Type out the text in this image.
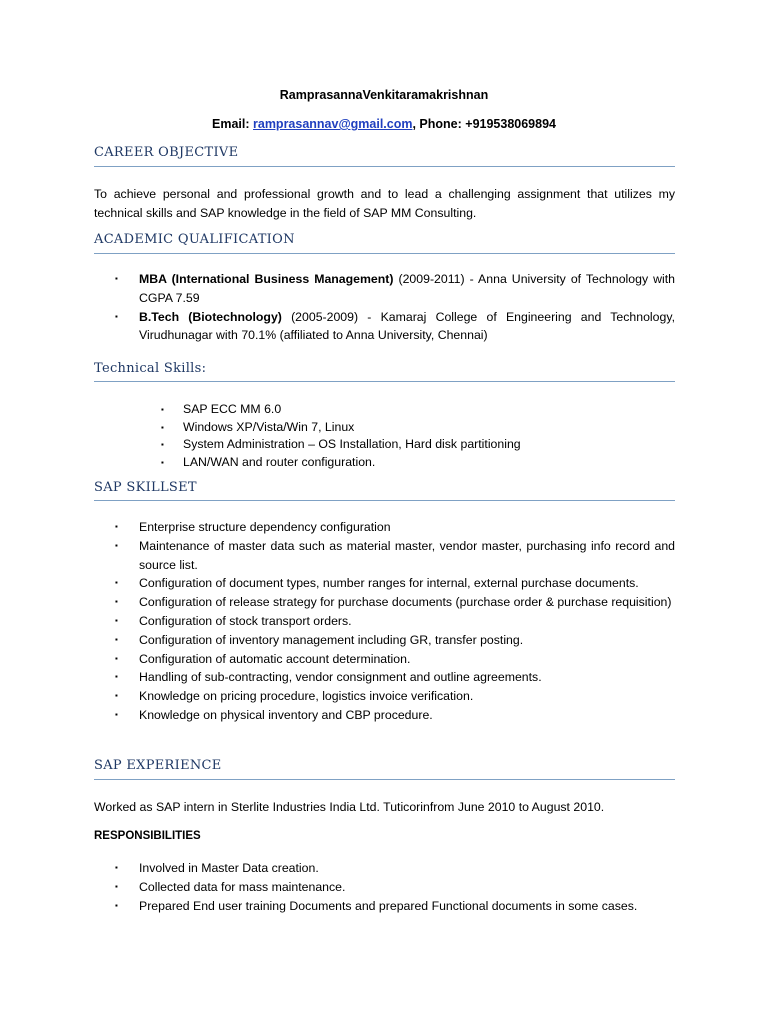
RamprasannaVenkitaramakrishnan
Email: ramprasannav@gmail.com, Phone: +919538069894
CAREER OBJECTIVE
To achieve personal and professional growth and to lead a challenging assignment that utilizes my technical skills and SAP knowledge in the field of SAP MM Consulting.
ACADEMIC QUALIFICATION
▪ MBA (International Business Management) (2009-2011) - Anna University of Technology with CGPA 7.59
▪ B.Tech (Biotechnology) (2005-2009) - Kamaraj College of Engineering and Technology, Virudhunagar with 70.1% (affiliated to Anna University, Chennai)
Technical Skills:
▪ SAP ECC MM 6.0
▪ Windows XP/Vista/Win 7, Linux
▪ System Administration – OS Installation, Hard disk partitioning
▪ LAN/WAN and router configuration.
SAP SKILLSET
▪ Enterprise structure dependency configuration
▪ Maintenance of master data such as material master, vendor master, purchasing info record and source list.
▪ Configuration of document types, number ranges for internal, external purchase documents.
▪ Configuration of release strategy for purchase documents (purchase order & purchase requisition)
▪ Configuration of stock transport orders.
▪ Configuration of inventory management including GR, transfer posting.
▪ Configuration of automatic account determination.
▪ Handling of sub-contracting, vendor consignment and outline agreements.
▪ Knowledge on pricing procedure, logistics invoice verification.
▪ Knowledge on physical inventory and CBP procedure.
SAP EXPERIENCE
Worked as SAP intern in Sterlite Industries India Ltd. Tuticorinfrom June 2010 to August 2010.
RESPONSIBILITIES
▪ Involved in Master Data creation.
▪ Collected data for mass maintenance.
▪ Prepared End user training Documents and prepared Functional documents in some cases.
